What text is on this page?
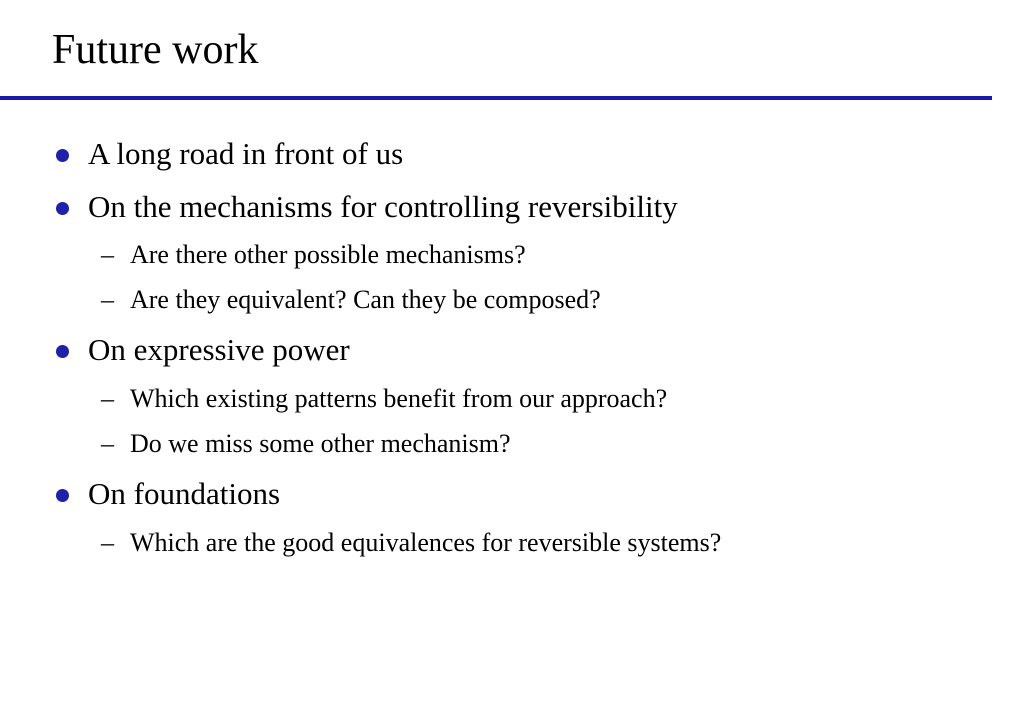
Future work
A long road in front of us
On the mechanisms for controlling reversibility
– Are there other possible mechanisms?
– Are they equivalent? Can they be composed?
On expressive power
– Which existing patterns benefit from our approach?
– Do we miss some other mechanism?
On foundations
– Which are the good equivalences for reversible systems?
